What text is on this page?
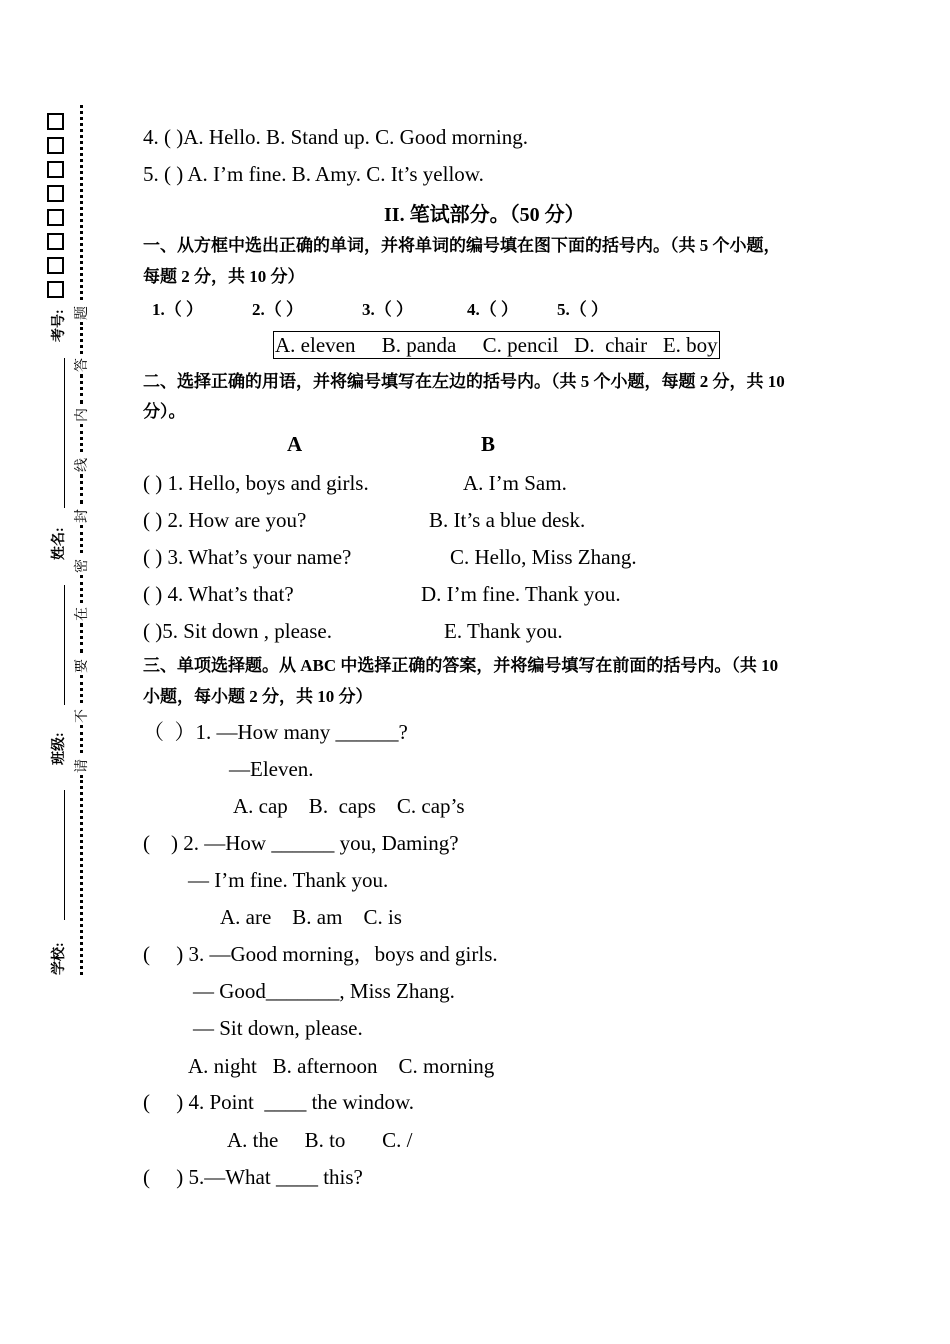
考号:
姓名:
班级:
学校:
题
答
内
线
封
密
在
要
不
请
4. ( )A. Hello. B. Stand up. C. Good morning.
5. ( ) A. I’m fine. B. Amy. C. It’s yellow.
II. 笔试部分。（50 分）
一、从方框中选出正确的单词，并将单词的编号填在图下面的括号内。（共 5 个小题，
每题 2 分，共 10 分）
1.（ ）	2.（ ）	3.（ ）	4.（ ） 5.（ ）
A. eleven     B. panda     C. pencil   D.  chair   E. boy
二、选择正确的用语，并将编号填写在左边的括号内。（共 5 个小题，每题 2 分，共 10
分）。
A	B
( ) 1. Hello, boys and girls.	A. I’m Sam.
( ) 2. How are you?	B. It’s a blue desk.
( ) 3. What’s your name?	C. Hello, Miss Zhang.
( ) 4. What’s that?	D. I’m fine. Thank you.
( )5. Sit down , please.	E. Thank you.
三、单项选择题。从 ABC 中选择正确的答案，并将编号填写在前面的括号内。（共 10
小题，每小题 2 分，共 10 分）
（  ）1. —How many ______?
—Eleven.
A. cap    B.  caps    C. cap’s
(    ) 2. —How ______ you, Daming?
— I’m fine. Thank you.
A. are    B. am    C. is
(     ) 3. —Good morning，boys and girls.
— Good_______, Miss Zhang.
— Sit down, please.
A. night   B. afternoon    C. morning
(     ) 4. Point  ____ the window.
A. the     B. to       C. /
(     ) 5.—What ____ this?
